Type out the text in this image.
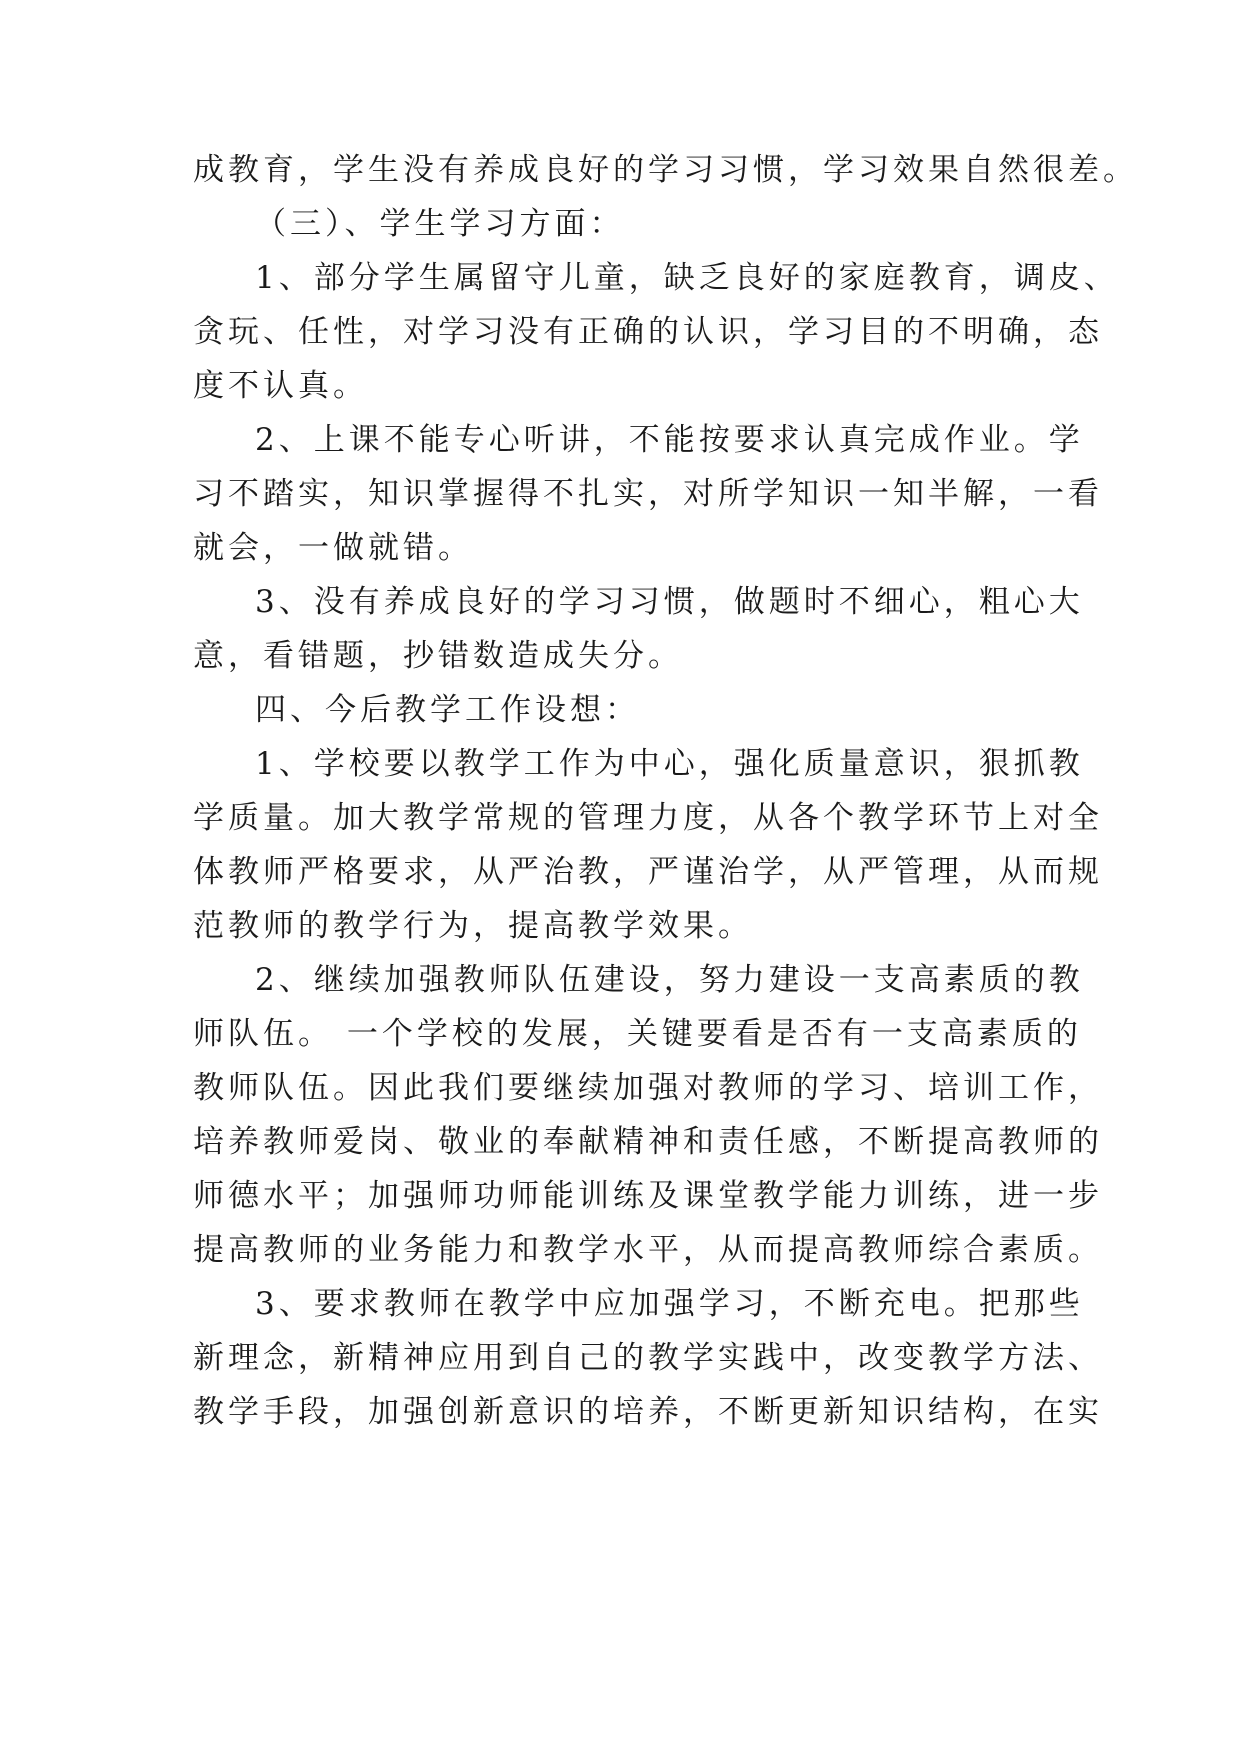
成教育，学生没有养成良好的学习习惯，学习效果自然很差。
（三）、学生学习方面：
1、部分学生属留守儿童，缺乏良好的家庭教育，调皮、
贪玩、任性，对学习没有正确的认识，学习目的不明确，态
度不认真。
2、上课不能专心听讲，不能按要求认真完成作业。学
习不踏实，知识掌握得不扎实，对所学知识一知半解，一看
就会，一做就错。
3、没有养成良好的学习习惯，做题时不细心，粗心大
意，看错题，抄错数造成失分。
四、今后教学工作设想：
1、学校要以教学工作为中心，强化质量意识，狠抓教
学质量。加大教学常规的管理力度，从各个教学环节上对全
体教师严格要求，从严治教，严谨治学，从严管理，从而规
范教师的教学行为，提高教学效果。
2、继续加强教师队伍建设，努力建设一支高素质的教
师队伍。 一个学校的发展，关键要看是否有一支高素质的
教师队伍。因此我们要继续加强对教师的学习、培训工作，
培养教师爱岗、敬业的奉献精神和责任感，不断提高教师的
师德水平；加强师功师能训练及课堂教学能力训练，进一步
提高教师的业务能力和教学水平，从而提高教师综合素质。
3、要求教师在教学中应加强学习，不断充电。把那些
新理念，新精神应用到自己的教学实践中，改变教学方法、
教学手段，加强创新意识的培养，不断更新知识结构，在实
